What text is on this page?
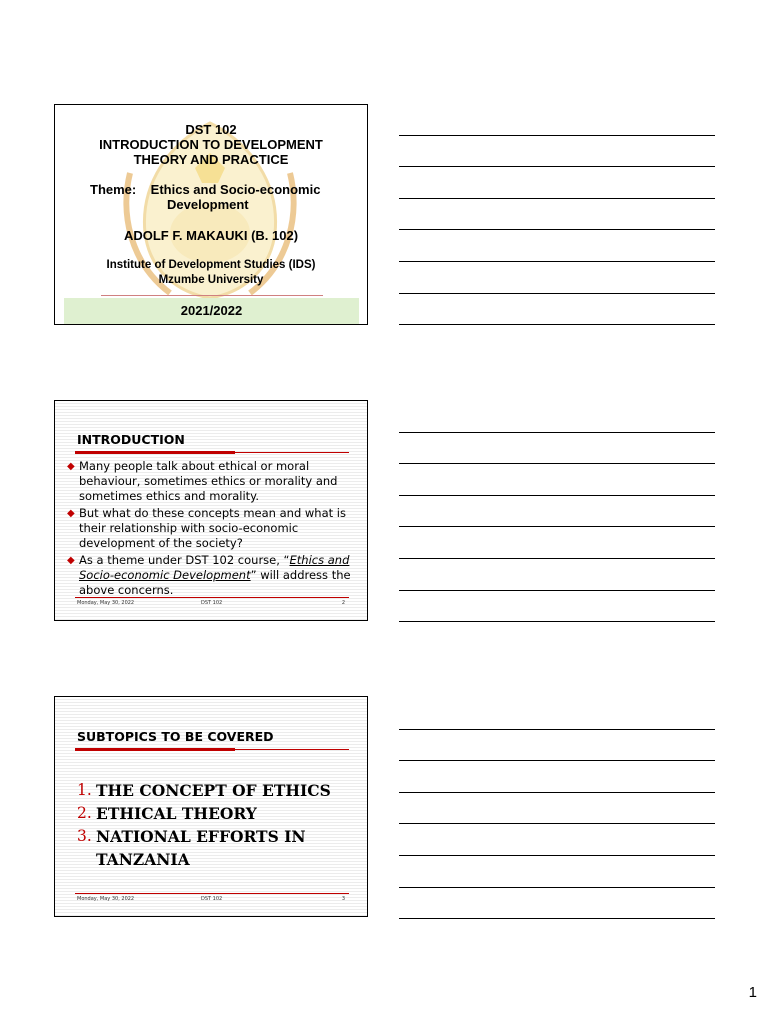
DST 102
INTRODUCTION TO DEVELOPMENT
THEORY AND PRACTICE
Theme:    Ethics and Socio-economic
Development
ADOLF F. MAKAUKI (B. 102)
Institute of Development Studies (IDS)
Mzumbe University
2021/2022
INTRODUCTION
◆ Many people talk about ethical or moral behaviour, sometimes ethics or morality and sometimes ethics and morality.
◆ But what do these concepts mean and what is their relationship with socio-economic development of the society?
◆ As a theme under DST 102 course, “Ethics and Socio-economic Development” will address the above concerns.
Monday, May 30, 2022	DST 102	2
SUBTOPICS TO BE COVERED
1. THE CONCEPT OF ETHICS
2. ETHICAL THEORY
3. NATIONAL EFFORTS IN TANZANIA
Monday, May 30, 2022	DST 102	3
1
